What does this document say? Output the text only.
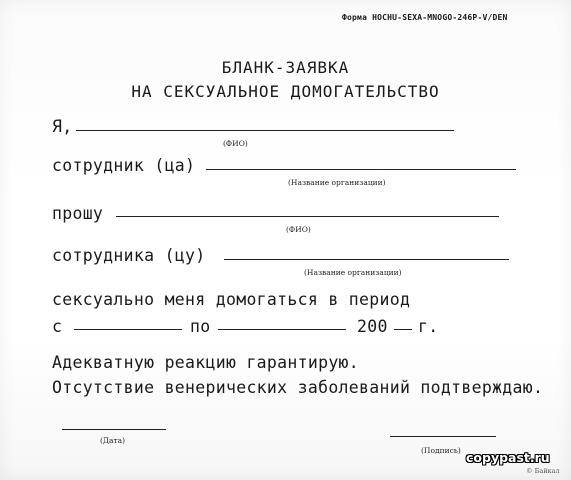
Форма HOCHU-SEXA-MNOGO-246P-V/DEN
БЛАНК-ЗАЯВКА
НА СЕКСУАЛЬНОЕ ДОМОГАТЕЛЬСТВО
Я,
(ФИО)
сотрудник (ца)
(Название организации)
прошу
(ФИО)
сотрудника (цу)
(Название организации)
сексуально меня домогаться в период
с	по	200 г.
Адекватную реакцию гарантирую.
Отсутствие венерических заболеваний подтверждаю.
(Дата)
(Подпись) copypast.ru
© Бaйкaл
